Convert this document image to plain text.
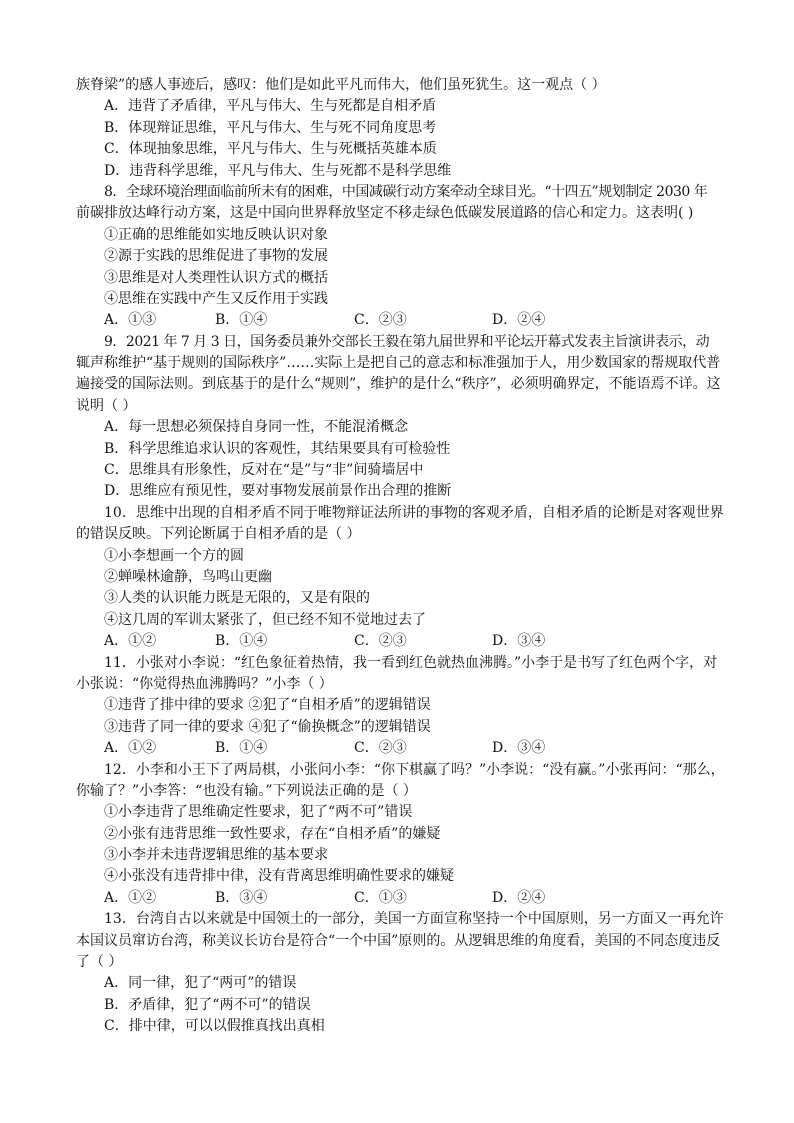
族脊梁”的感人事迹后，感叹：他们是如此平凡而伟大，他们虽死犹生。这一观点（ ）
A．违背了矛盾律，平凡与伟大、生与死都是自相矛盾
B．体现辩证思维，平凡与伟大、生与死不同角度思考
C．体现抽象思维，平凡与伟大、生与死概括英雄本质
D．违背科学思维，平凡与伟大、生与死都不是科学思维
8．全球环境治理面临前所未有的困难，中国减碳行动方案牵动全球目光。“十四五”规划制定 2030 年
前碳排放达峰行动方案，这是中国向世界释放坚定不移走绿色低碳发展道路的信心和定力。这表明( )
①正确的思维能如实地反映认识对象
②源于实践的思维促进了事物的发展
③思维是对人类理性认识方式的概括
④思维在实践中产生又反作用于实践
A．①③	B．①④	C．②③	D．②④
9．2021 年 7 月 3 日，国务委员兼外交部长王毅在第九届世界和平论坛开幕式发表主旨演讲表示，动
辄声称维护“基于规则的国际秩序”……实际上是把自己的意志和标准强加于人，用少数国家的帮规取代普
遍接受的国际法则。到底基于的是什么“规则”，维护的是什么“秩序”，必须明确界定，不能语焉不详。这
说明（ ）
A．每一思想必须保持自身同一性，不能混淆概念
B．科学思维追求认识的客观性，其结果要具有可检验性
C．思维具有形象性，反对在“是”与“非”间骑墙居中
D．思维应有预见性，要对事物发展前景作出合理的推断
10．思维中出现的自相矛盾不同于唯物辩证法所讲的事物的客观矛盾，自相矛盾的论断是对客观世界
的错误反映。下列论断属于自相矛盾的是（ ）
①小李想画一个方的圆
②蝉噪林逾静，鸟鸣山更幽
③人类的认识能力既是无限的，又是有限的
④这几周的军训太紧张了，但已经不知不觉地过去了
A．①②	B．①④	C．②③	D．③④
11．小张对小李说：“红色象征着热情，我一看到红色就热血沸腾。”小李于是书写了红色两个字，对
小张说：“你觉得热血沸腾吗？”小李（ ）
①违背了排中律的要求 ②犯了“自相矛盾”的逻辑错误
③违背了同一律的要求 ④犯了“偷换概念”的逻辑错误
A．①②	B．①④	C．②③	D．③④
12．小李和小王下了两局棋，小张问小李：“你下棋赢了吗？”小李说：“没有赢。”小张再问：“那么，
你输了？”小李答：“也没有输。”下列说法正确的是（ ）
①小李违背了思维确定性要求，犯了“两不可”错误
②小张有违背思维一致性要求，存在“自相矛盾”的嫌疑
③小李并未违背逻辑思维的基本要求
④小张没有违背排中律，没有背离思维明确性要求的嫌疑
A．①②	B．③④	C．①③	D．②④
13．台湾自古以来就是中国领土的一部分，美国一方面宣称坚持一个中国原则，另一方面又一再允许
本国议员窜访台湾，称美议长访台是符合“一个中国”原则的。从逻辑思维的角度看，美国的不同态度违反
了（ ）
A．同一律，犯了“两可”的错误
B．矛盾律，犯了“两不可”的错误
C．排中律，可以以假推真找出真相
